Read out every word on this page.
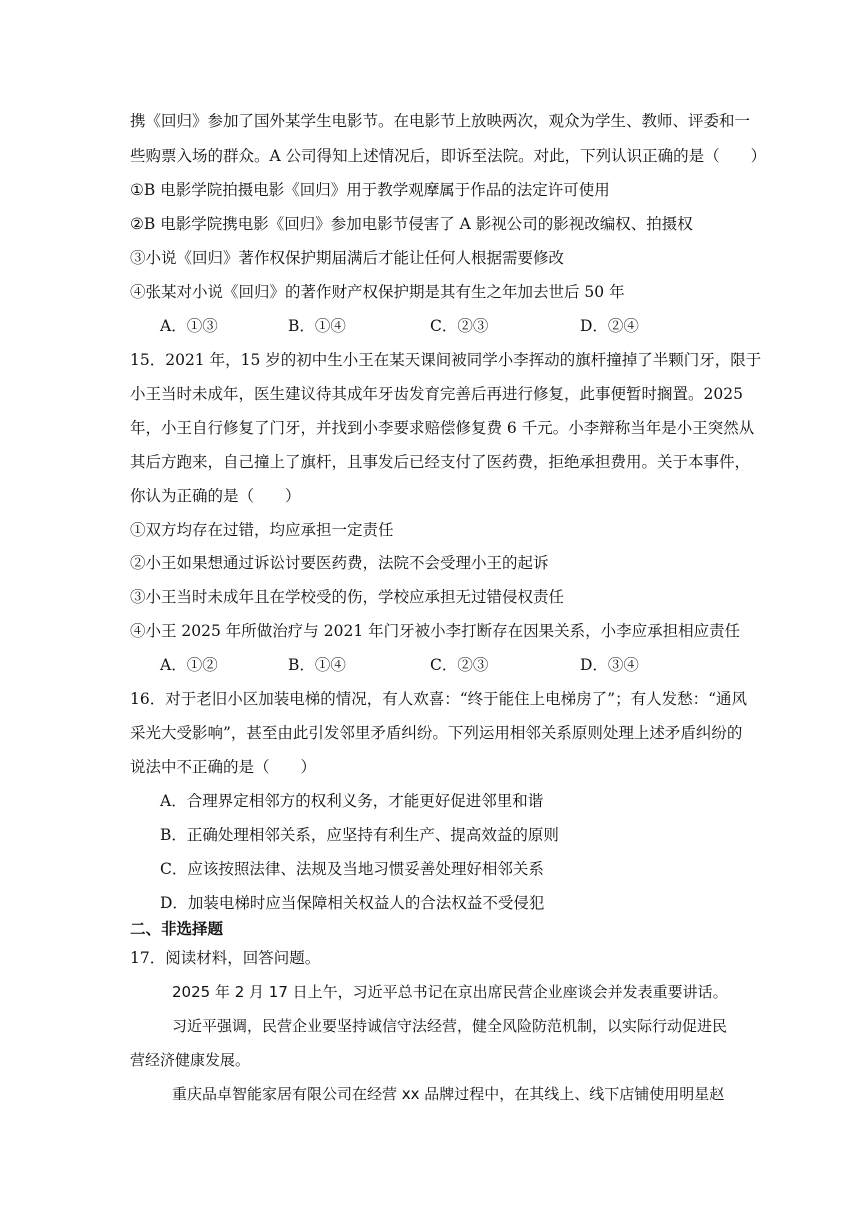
携《回归》参加了国外某学生电影节。在电影节上放映两次，观众为学生、教师、评委和一
些购票入场的群众。A 公司得知上述情况后，即诉至法院。对此，下列认识正确的是（　　）
①B 电影学院拍摄电影《回归》用于教学观摩属于作品的法定许可使用
②B 电影学院携电影《回归》参加电影节侵害了 A 影视公司的影视改编权、拍摄权
③小说《回归》著作权保护期届满后才能让任何人根据需要修改
④张某对小说《回归》的著作财产权保护期是其有生之年加去世后 50 年
A．①③	B．①④	C．②③	D．②④
15．2021 年，15 岁的初中生小王在某天课间被同学小李挥动的旗杆撞掉了半颗门牙，限于
小王当时未成年，医生建议待其成年牙齿发育完善后再进行修复，此事便暂时搁置。2025
年，小王自行修复了门牙，并找到小李要求赔偿修复费 6 千元。小李辩称当年是小王突然从
其后方跑来，自己撞上了旗杆，且事发后已经支付了医药费，拒绝承担费用。关于本事件，
你认为正确的是（　　）
①双方均存在过错，均应承担一定责任
②小王如果想通过诉讼讨要医药费，法院不会受理小王的起诉
③小王当时未成年且在学校受的伤，学校应承担无过错侵权责任
④小王 2025 年所做治疗与 2021 年门牙被小李打断存在因果关系，小李应承担相应责任
A．①②	B．①④	C．②③	D．③④
16．对于老旧小区加装电梯的情况，有人欢喜：“终于能住上电梯房了”；有人发愁：“通风
采光大受影响”，甚至由此引发邻里矛盾纠纷。下列运用相邻关系原则处理上述矛盾纠纷的
说法中不正确的是（　　）
A．合理界定相邻方的权利义务，才能更好促进邻里和谐
B．正确处理相邻关系，应坚持有利生产、提高效益的原则
C．应该按照法律、法规及当地习惯妥善处理好相邻关系
D．加装电梯时应当保障相关权益人的合法权益不受侵犯
二、非选择题
17．阅读材料，回答问题。
2025 年 2 月 17 日上午，习近平总书记在京出席民营企业座谈会并发表重要讲话。
习近平强调，民营企业要坚持诚信守法经营，健全风险防范机制，以实际行动促进民
营经济健康发展。
重庆品卓智能家居有限公司在经营 xx 品牌过程中，在其线上、线下店铺使用明星赵
